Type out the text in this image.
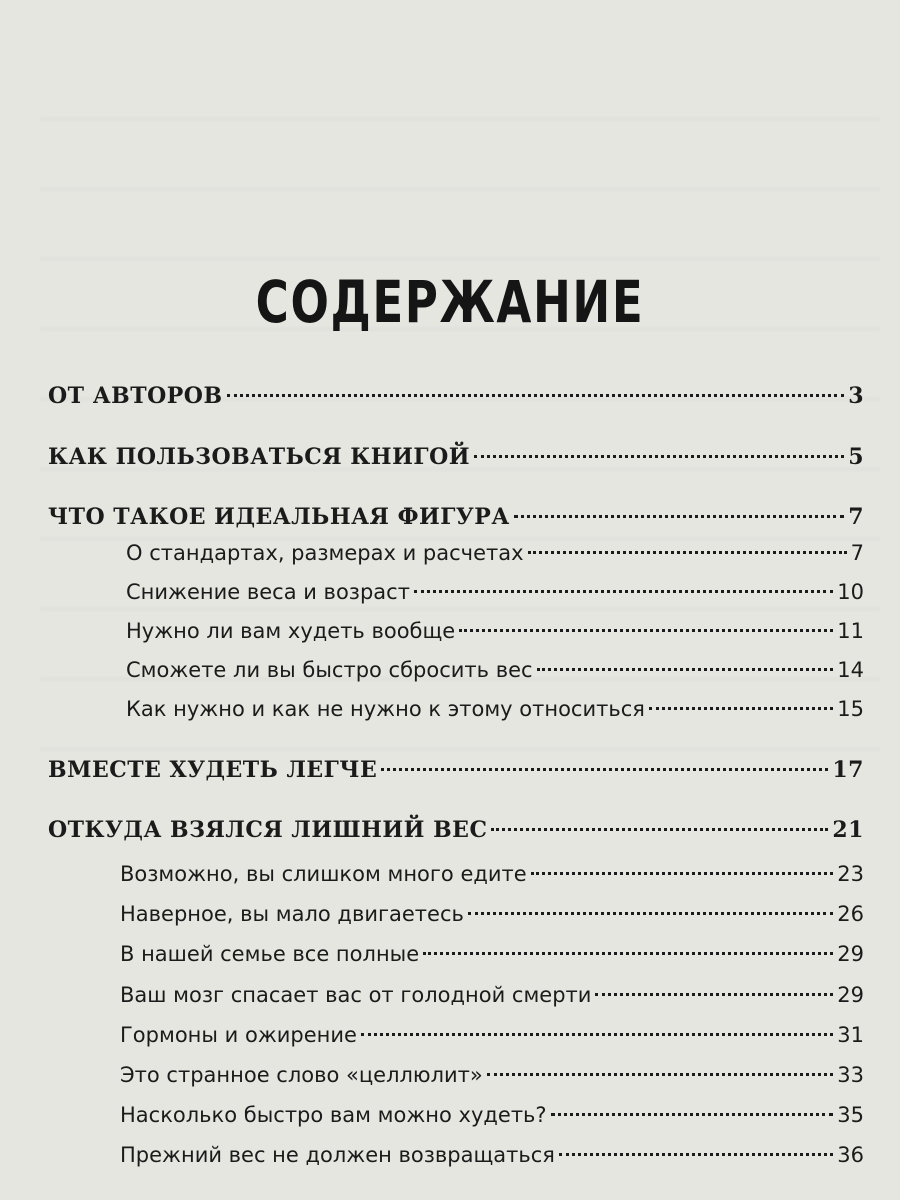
СОДЕРЖАНИЕ
ОТ АВТОРОВ	3
КАК ПОЛЬЗОВАТЬСЯ КНИГОЙ	5
ЧТО ТАКОЕ ИДЕАЛЬНАЯ ФИГУРА	7
О стандартах, размерах и расчетах	7
Снижение веса и возраст	10
Нужно ли вам худеть вообще	11
Сможете ли вы быстро сбросить вес	14
Как нужно и как не нужно к этому относиться	15
ВМЕСТЕ ХУДЕТЬ ЛЕГЧЕ	17
ОТКУДА ВЗЯЛСЯ ЛИШНИЙ ВЕС	21
Возможно, вы слишком много едите	23
Наверное, вы мало двигаетесь	26
В нашей семье все полные	29
Ваш мозг спасает вас от голодной смерти	29
Гормоны и ожирение	31
Это странное слово «целлюлит»	33
Насколько быстро вам можно худеть?	35
Прежний вес не должен возвращаться	36
